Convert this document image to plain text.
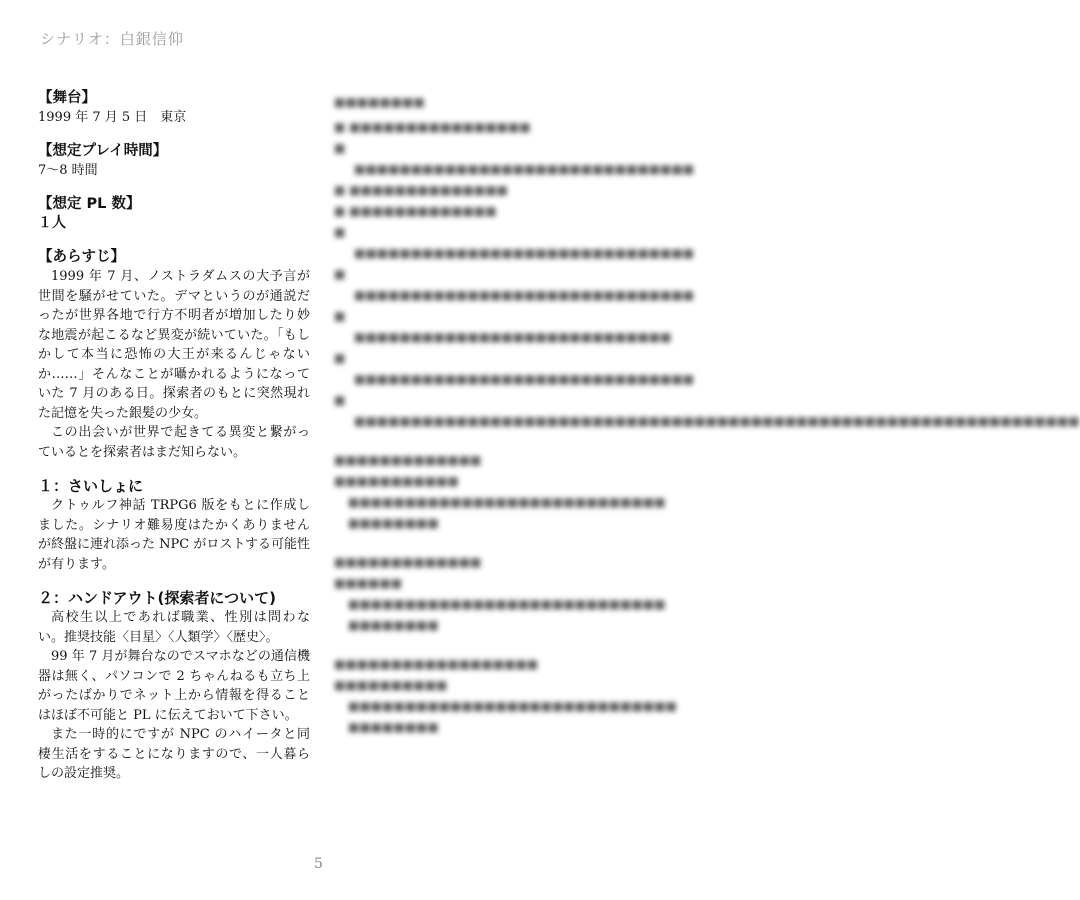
シナリオ：白銀信仰

【舞台】

1999 年 7 月 5 日　東京

【想定プレイ時間】

7〜8 時間

【想定 PL 数】

１人

【あらすじ】

1999 年 7 月、ノストラダムスの大予言が世間を騒がせていた。デマというのが通説だったが世界各地で行方不明者が増加したり妙な地震が起こるなど異変が続いていた。「もしかして本当に恐怖の大王が来るんじゃないか……」そんなことが囁かれるようになっていた 7 月のある日。探索者のもとに突然現れた記憶を失った銀髪の少女。

この出会いが世界で起きてる異変と繋がっているとを探索者はまだ知らない。

１：さいしょに

クトゥルフ神話 TRPG6 版をもとに作成しました。シナリオ難易度はたかくありませんが終盤に連れ添った NPC がロストする可能性が有ります。

２：ハンドアウト(探索者について)

高校生以上であれば職業、性別は問わない。推奨技能〈目星〉〈人類学〉〈歴史〉。

99 年 7 月が舞台なのでスマホなどの通信機器は無く、パソコンで 2 ちゃんねるも立ち上がったばかりでネット上から情報を得ることはほぼ不可能と PL に伝えておいて下さい。

また一時的にですが NPC のハイータと同棲生活をすることになりますので、一人暮らしの設定推奨。

■■■■■■■■
■ ■■■■■■■■■■■■■■■■
■ ■■■■■■■■■■■■■■■■■■■■■■■■■■■■■■
■ ■■■■■■■■■■■■■■
■ ■■■■■■■■■■■■■
■ ■■■■■■■■■■■■■■■■■■■■■■■■■■■■■■
■ ■■■■■■■■■■■■■■■■■■■■■■■■■■■■■■
■ ■■■■■■■■■■■■■■■■■■■■■■■■■■■■
■ ■■■■■■■■■■■■■■■■■■■■■■■■■■■■■■
■ ■■■■■■■■■■■■■■■■■■■■■■■■■■■■■■■■■■■■■■■■■■■■■■■■■■■■■■■■■■■■■■■■
■■■■■■■■■■■■■
■■■■■■■■■■■
■■■■■■■■■■■■■■■■■■■■■■■■■■■■
■■■■■■■■
■■■■■■■■■■■■■
■■■■■■
■■■■■■■■■■■■■■■■■■■■■■■■■■■■
■■■■■■■■
■■■■■■■■■■■■■■■■■■
■■■■■■■■■■
■■■■■■■■■■■■■■■■■■■■■■■■■■■■■
■■■■■■■■
5
